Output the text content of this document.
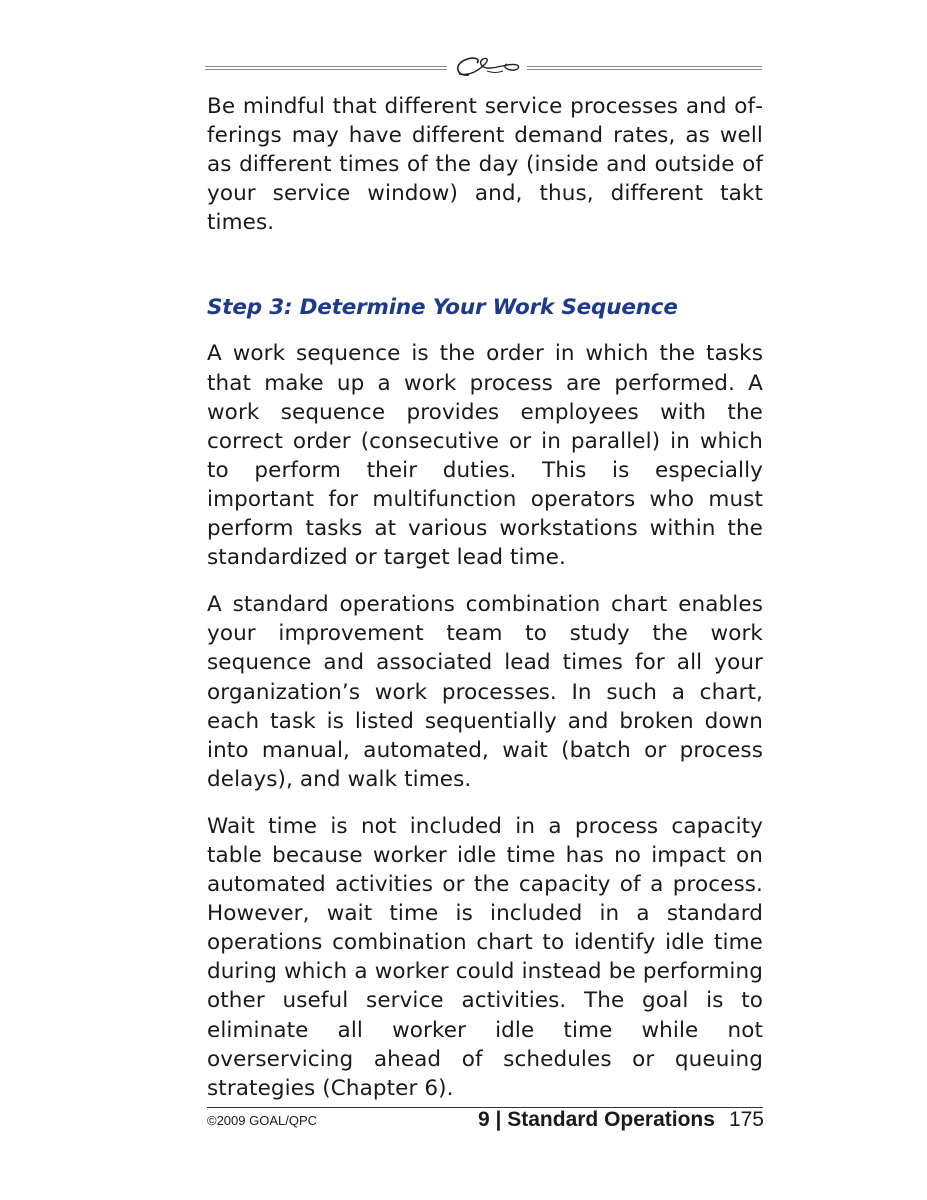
Be mindful that different service processes and offerings may have different demand rates, as well as different times of the day (inside and outside of your service window) and, thus, different takt times.

Step 3: Determine Your Work Sequence

A work sequence is the order in which the tasks that make up a work process are performed. A work sequence provides employees with the correct order (consecutive or in parallel) in which to perform their duties. This is especially important for multifunction operators who must perform tasks at various workstations within the standardized or target lead time.

A standard operations combination chart enables your improvement team to study the work sequence and associated lead times for all your organization’s work processes. In such a chart, each task is listed sequentially and broken down into manual, automated, wait (batch or process delays), and walk times.

Wait time is not included in a process capacity table because worker idle time has no impact on automated activities or the capacity of a process. However, wait time is included in a standard operations combination chart to identify idle time during which a worker could instead be performing other useful service activities. The goal is to eliminate all worker idle time while not overservicing ahead of schedules or queuing strategies (Chapter 6).

©2009 GOAL/QPC	9 | Standard Operations 175
